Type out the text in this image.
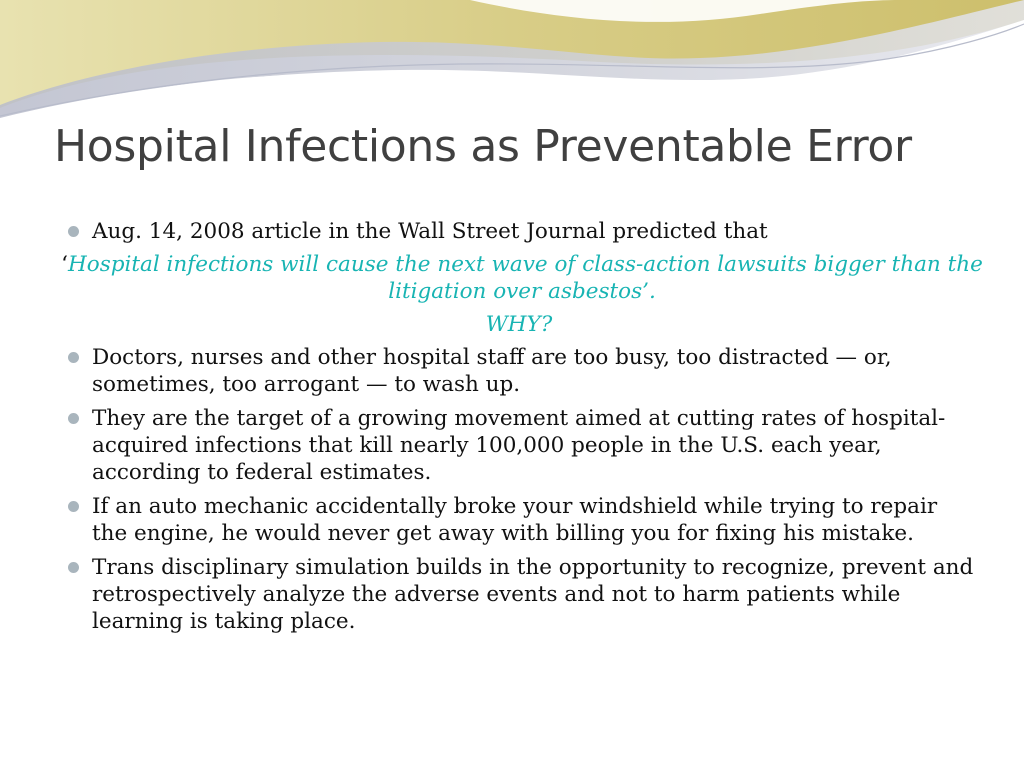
Hospital Infections as Preventable Error
Aug. 14, 2008 article in the Wall Street Journal predicted that
‘Hospital infections will cause the next wave of class-action lawsuits bigger than the litigation over asbestos’.
WHY?
Doctors, nurses and other hospital staff are too busy, too distracted — or, sometimes, too arrogant — to wash up.
They are the target of a growing movement aimed at cutting rates of hospital-acquired infections that kill nearly 100,000 people in the U.S. each year, according to federal estimates.
If an auto mechanic accidentally broke your windshield while trying to repair the engine, he would never get away with billing you for fixing his mistake.
Trans disciplinary simulation builds in the opportunity to recognize, prevent and retrospectively analyze the adverse events and not to harm patients while learning is taking place.
